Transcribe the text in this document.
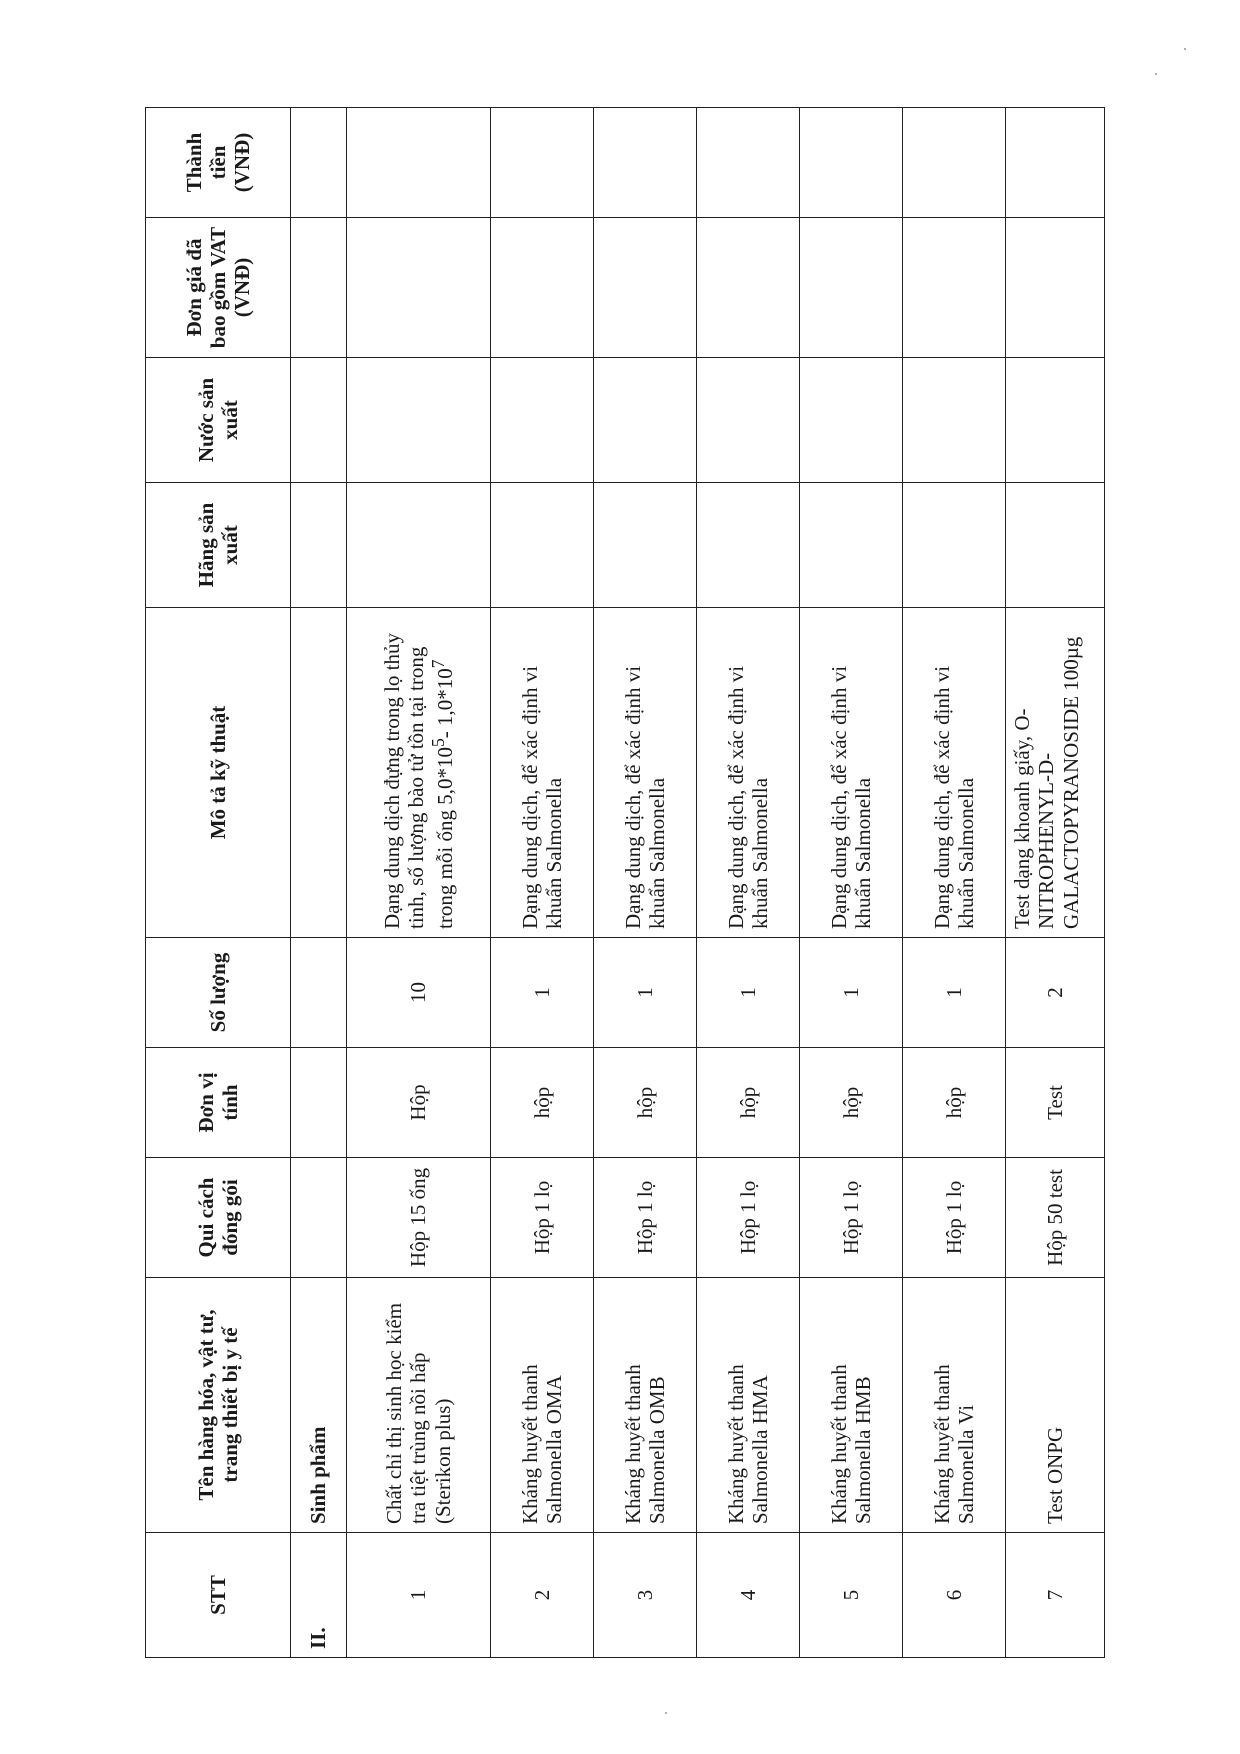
STT	Tên hàng hóa, vật tư, trang thiết bị y tế	Qui cách đóng gói	Đơn vị tính	Số lượng	Mô tả kỹ thuật	Hãng sản xuất	Nước sản xuất	Đơn giá đã bao gồm VAT (VNĐ)	Thành tiền (VNĐ)
II.	Sinh phẩm								
1	Chất chỉ thị sinh học kiểm tra tiệt trùng nồi hấp (Sterikon plus)	Hộp 15 ống	Hộp	10	Dạng dung dịch đựng trong lọ thủy tinh, số lượng bào tử tồn tại trong trong mỗi ống $5,0*10^5-$ $1,0*10^7$				
2	Kháng huyết thanh Salmonella OMA	Hộp 1 lọ	hộp	1	Dạng dung dịch, để xác định vi khuẩn Salmonella				
3	Kháng huyết thanh Salmonella OMB	Hộp 1 lọ	hộp	1	Dạng dung dịch, để xác định vi khuẩn Salmonella				
4	Kháng huyết thanh Salmonella HMA	Hộp 1 lọ	hộp	1	Dạng dung dịch, để xác định vi khuẩn Salmonella				
5	Kháng huyết thanh Salmonella HMB	Hộp 1 lọ	hộp	1	Dạng dung dịch, để xác định vi khuẩn Salmonella				
6	Kháng huyết thanh Salmonella Vi	Hộp 1 lọ	hộp	1	Dạng dung dịch, để xác định vi khuẩn Salmonella				
7	Test ONPG	Hộp 50 test	Test	2	Test dạng khoanh giấy, O-NITROPHENYL-D-GALACTOPYRANOSIDE 100µg				
